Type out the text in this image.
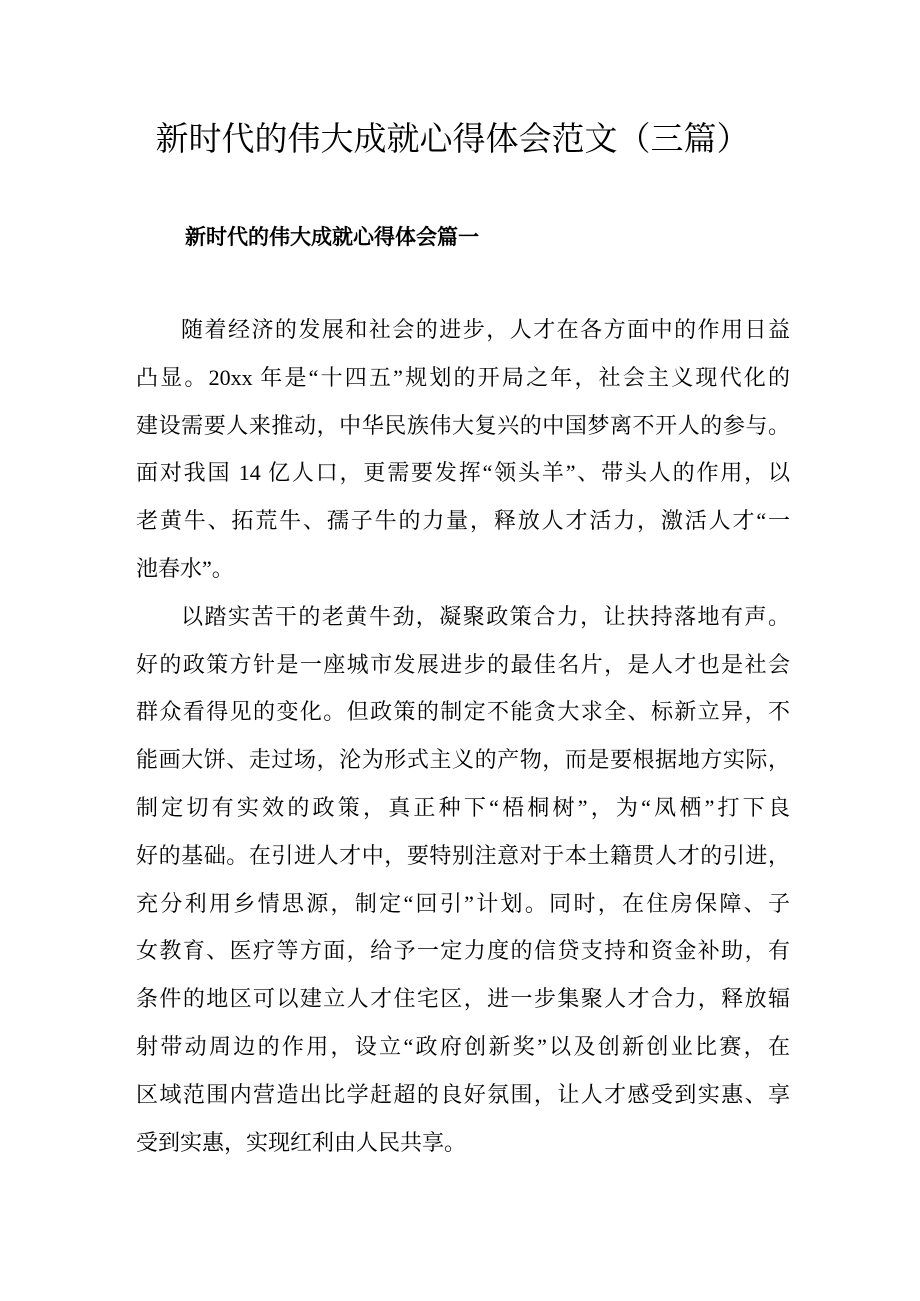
新时代的伟大成就心得体会范文（三篇）
新时代的伟大成就心得体会篇一
随着经济的发展和社会的进步，人才在各方面中的作用日益
凸显。20xx 年是“十四五”规划的开局之年，社会主义现代化的
建设需要人来推动，中华民族伟大复兴的中国梦离不开人的参与。
面对我国 14 亿人口，更需要发挥“领头羊”、带头人的作用，以
老黄牛、拓荒牛、孺子牛的力量，释放人才活力，激活人才“一
池春水”。
以踏实苦干的老黄牛劲，凝聚政策合力，让扶持落地有声。
好的政策方针是一座城市发展进步的最佳名片，是人才也是社会
群众看得见的变化。但政策的制定不能贪大求全、标新立异，不
能画大饼、走过场，沦为形式主义的产物，而是要根据地方实际，
制定切有实效的政策，真正种下“梧桐树”，为“凤栖”打下良
好的基础。在引进人才中，要特别注意对于本土籍贯人才的引进，
充分利用乡情思源，制定“回引”计划。同时，在住房保障、子
女教育、医疗等方面，给予一定力度的信贷支持和资金补助，有
条件的地区可以建立人才住宅区，进一步集聚人才合力，释放辐
射带动周边的作用，设立“政府创新奖”以及创新创业比赛，在
区域范围内营造出比学赶超的良好氛围，让人才感受到实惠、享
受到实惠，实现红利由人民共享。
